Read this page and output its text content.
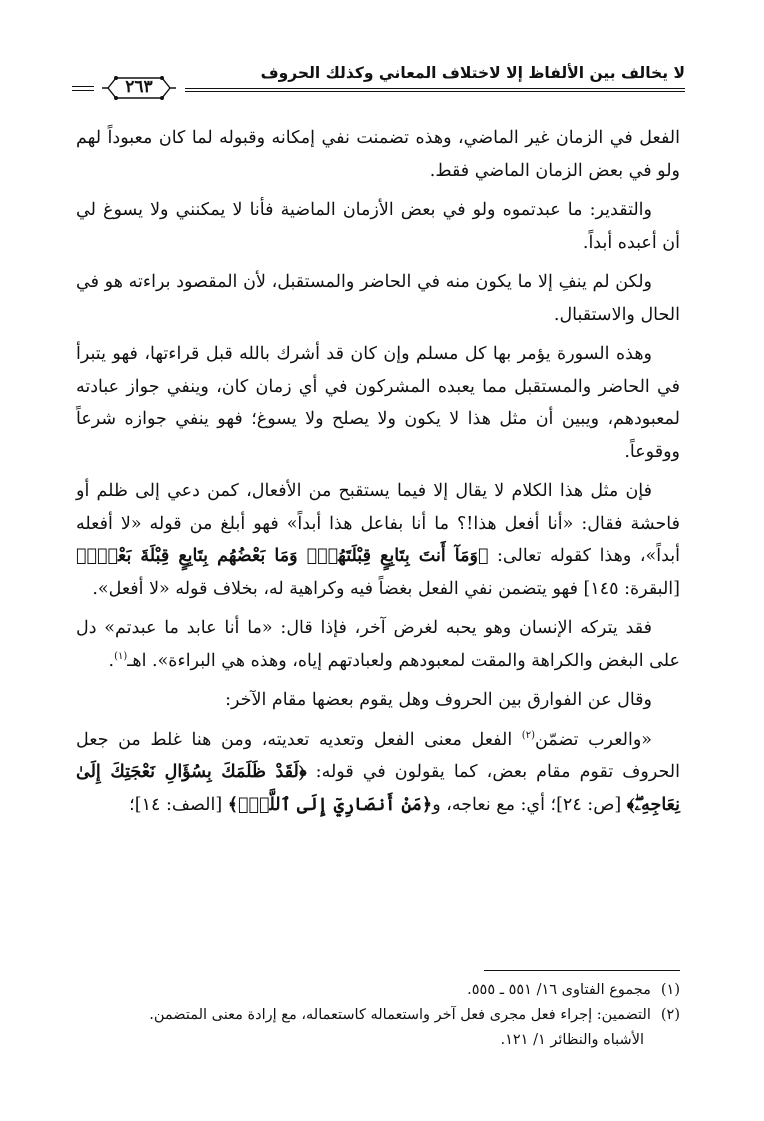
لا يخالف بين الألفاظ إلا لاختلاف المعاني وكذلك الحروف
٢٦٣

الفعل في الزمان غير الماضي، وهذه تضمنت نفي إمكانه وقبوله لما كان معبوداً لهم ولو في بعض الزمان الماضي فقط.

والتقدير: ما عبدتموه ولو في بعض الأزمان الماضية فأنا لا يمكنني ولا يسوغ لي أن أعبده أبداً.

ولكن لم ينفِ إلا ما يكون منه في الحاضر والمستقبل، لأن المقصود براءته هو في الحال والاستقبال.

وهذه السورة يؤمر بها كل مسلم وإن كان قد أشرك بالله قبل قراءتها، فهو يتبرأ في الحاضر والمستقبل مما يعبده المشركون في أي زمان كان، وينفي جواز عبادته لمعبودهم، ويبين أن مثل هذا لا يكون ولا يصلح ولا يسوغ؛ فهو ينفي جوازه شرعاً ووقوعاً.

فإن مثل هذا الكلام لا يقال إلا فيما يستقبح من الأفعال، كمن دعي إلى ظلم أو فاحشة فقال: «أنا أفعل هذا!؟ ما أنا بفاعل هذا أبداً» فهو أبلغ من قوله «لا أفعله أبداً»، وهذا كقوله تعالى: ﴿وَمَآ أَنتَ بِتَابِعٍ قِبْلَتَهُمْۚ وَمَا بَعْضُهُم بِتَابِعٍ قِبْلَةَ بَعْضٍۚ﴾ [البقرة: ١٤٥] فهو يتضمن نفي الفعل بغضاً فيه وكراهية له، بخلاف قوله «لا أفعل».

فقد يتركه الإنسان وهو يحبه لغرض آخر، فإذا قال: «ما أنا عابد ما عبدتم» دل على البغض والكراهة والمقت لمعبودهم ولعبادتهم إياه، وهذه هي البراءة». اهـ$^{(١)}$.

وقال عن الفوارق بين الحروف وهل يقوم بعضها مقام الآخر:

«والعرب تضمّن$^{(٢)}$ الفعل معنى الفعل وتعديه تعديته، ومن هنا غلط من جعل الحروف تقوم مقام بعض، كما يقولون في قوله: ﴿لَقَدْ ظَلَمَكَ بِسُؤَالِ نَعْجَتِكَ إِلَىٰ نِعَاجِهِۦۖ﴾ [ص: ٢٤]؛ أي: مع نعاجه، و﴿مَنْ أَنصَارِيٓ إِلَى ٱللَّهِۖ﴾ [الصف: ١٤]؛

(١)مجموع الفتاوى ١٦/ ٥٥١ ـ ٥٥٥.

(٢)التضمين: إجراء فعل مجرى فعل آخر واستعماله كاستعماله، مع إرادة معنى المتضمن.

الأشباه والنظائر ١/ ١٢١.
